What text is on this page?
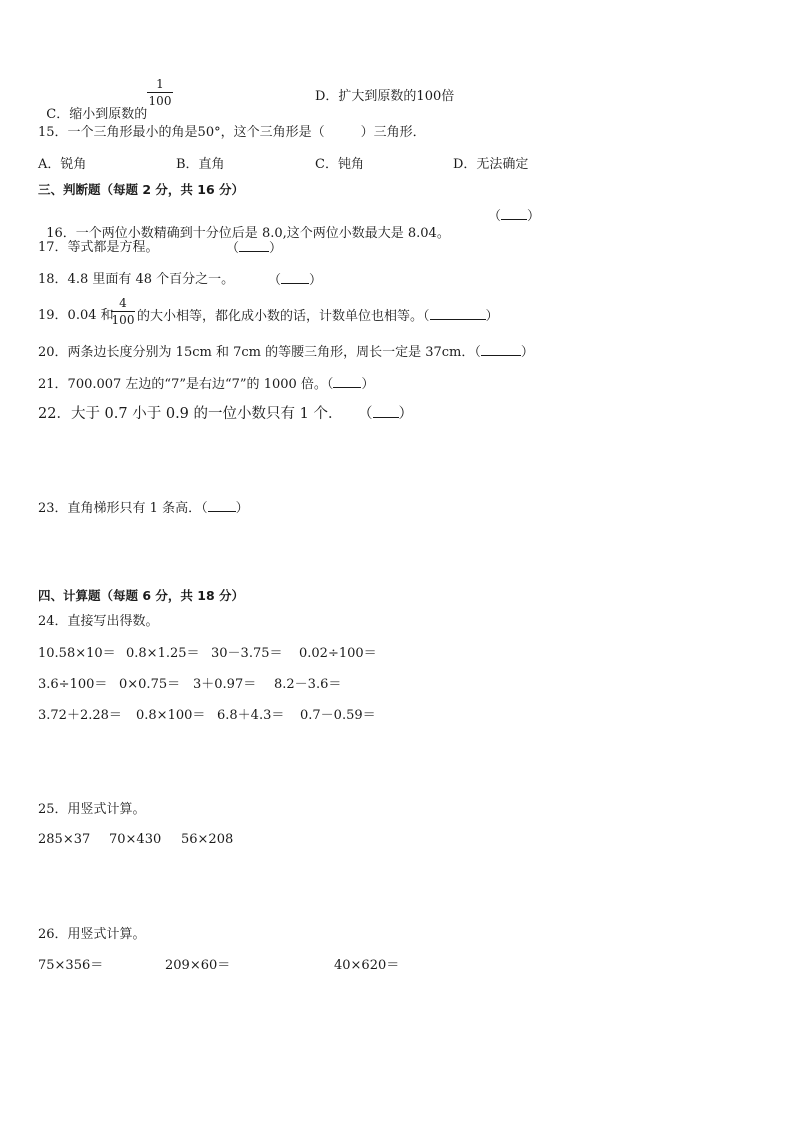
C．缩小到原数的

1
100	D．扩大到原数的100倍
15．一个三角形最小的角是50°，这个三角形是（	）三角形．
A．锐角	B．直角	C．钝角	D．无法确定
三、判断题（每题 2 分，共 16 分）

16．一个两位小数精确到十分位后是 8.0,这个两位小数最大是 8.04。

（ ）
17．等式都是方程。	（ ）
18．4.8 里面有 48 个百分之一。	（ ）
19．0.04 和
4
100 的大小相等，都化成小数的话，计数单位也相等。（	）
20．两条边长度分别为 15cm 和 7cm 的等腰三角形，周长一定是 37cm．（	）
21．700.007 左边的“7”是右边“7”的 1000 倍。（ ）
22．大于 0.7 小于 0.9 的一位小数只有 1 个． （ ）
23．直角梯形只有 1 条高．（ ）
四、计算题（每题 6 分，共 18 分）
24．直接写出得数。
10.58×10＝ 0.8×1.25＝ 30－3.75＝ 0.02÷100＝
3.6÷100＝ 0×0.75＝ 3＋0.97＝ 8.2－3.6＝
3.72＋2.28＝ 0.8×100＝ 6.8＋4.3＝ 0.7－0.59＝
25．用竖式计算。
285×37 70×430 56×208
26．用竖式计算。
75×356＝	209×60＝	40×620＝
